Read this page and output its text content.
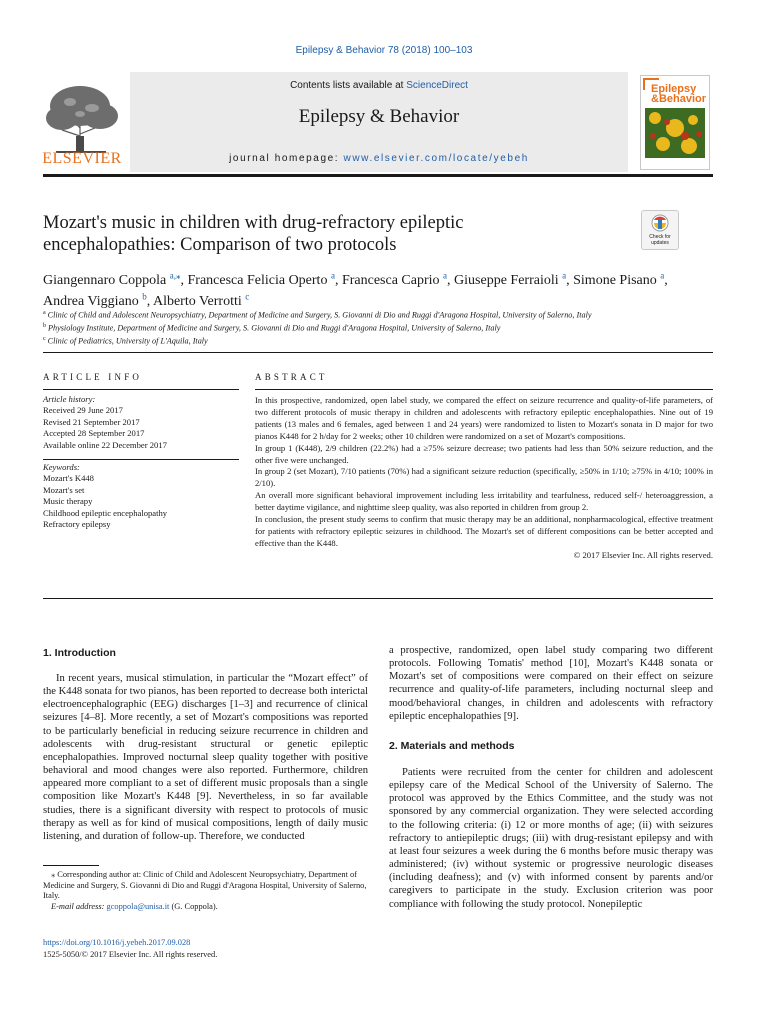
Epilepsy & Behavior 78 (2018) 100–103
ELSEVIER
Contents lists available at ScienceDirect
Epilepsy & Behavior
journal homepage: www.elsevier.com/locate/yebeh
Epilepsy
&Behavior
Mozart's music in children with drug-refractory epileptic
encephalopathies: Comparison of two protocols	Check for
updates
Giangennaro Coppola $^{a,⁎}$, Francesca Felicia Operto $^a$, Francesca Caprio $^a$, Giuseppe Ferraioli $^a$, Simone Pisano $^a$,
Andrea Viggiano $^b$, Alberto Verrotti $^c$
$^a$ Clinic of Child and Adolescent Neuropsychiatry, Department of Medicine and Surgery, S. Giovanni di Dio and Ruggi d'Aragona Hospital, University of Salerno, Italy
$^b$ Physiology Institute, Department of Medicine and Surgery, S. Giovanni di Dio and Ruggi d'Aragona Hospital, University of Salerno, Italy
$^c$ Clinic of Pediatrics, University of L'Aquila, Italy
ARTICLE INFO
Article history:
Received 29 June 2017
Revised 21 September 2017
Accepted 28 September 2017
Available online 22 December 2017
Keywords:
Mozart's K448
Mozart's set
Music therapy
Childhood epileptic encephalopathy
Refractory epilepsy
ABSTRACT

In this prospective, randomized, open label study, we compared the effect on seizure recurrence and quality-of-life parameters, of two different protocols of music therapy in children and adolescents with refractory epileptic encephalopathies. Nine out of 19 patients (13 males and 6 females, aged between 1 and 24 years) were randomized to listen to Mozart's sonata in D major for two pianos K448 for 2 h/day for 2 weeks; other 10 children were randomized on a set of Mozart's compositions.

In group 1 (K448), 2/9 children (22.2%) had a ≥75% seizure decrease; two patients had less than 50% seizure reduction, and the other five were unchanged.

In group 2 (set Mozart), 7/10 patients (70%) had a significant seizure reduction (specifically, ≥50% in 1/10; ≥75% in 4/10; 100% in 2/10).

An overall more significant behavioral improvement including less irritability and tearfulness, reduced self-/ heteroaggression, a better daytime vigilance, and nighttime sleep quality, was also reported in children from group 2.

In conclusion, the present study seems to confirm that music therapy may be an additional, nonpharmacological, effective treatment for patients with refractory epileptic seizures in childhood. The Mozart's set of different compositions can be better accepted and effective than the K448.

© 2017 Elsevier Inc. All rights reserved.

1. Introduction

In recent years, musical stimulation, in particular the “Mozart effect” of the K448 sonata for two pianos, has been reported to decrease both interictal electroencephalographic (EEG) discharges [1–3] and recurrence of clinical seizures [4–8]. More recently, a set of Mozart's compositions was reported to be particularly beneficial in reducing seizure recurrence in children and adolescents with drug-resistant structural or genetic epileptic encephalopathies. Improved nocturnal sleep quality together with positive behavioral and mood changes were also reported. Furthermore, children appeared more compliant to a set of different music proposals than a single composition like Mozart's K448 [9]. Nevertheless, in so far available studies, there is a significant diversity with respect to protocols of music therapy as well as for kind of musical compositions, length of daily music listening, and duration of follow-up. Therefore, we conducted

a prospective, randomized, open label study comparing two different protocols. Following Tomatis' method [10], Mozart's K448 sonata or Mozart's set of compositions were compared on their effect on seizure recurrence and quality-of-life parameters, including nocturnal sleep and mood/behavioral changes, in children and adolescents with refractory epileptic encephalopathies [9].

2. Materials and methods

Patients were recruited from the center for children and adolescent epilepsy care of the Medical School of the University of Salerno. The protocol was approved by the Ethics Committee, and the study was not sponsored by any commercial organization. They were selected according to the following criteria: (i) 12 or more months of age; (ii) with seizures refractory to antiepileptic drugs; (iii) with drug-resistant epilepsy and with at least four seizures a week during the 6 months before music therapy was administered; (iv) without systemic or progressive neurologic diseases (including deafness); and (v) with informed consent by parents and/or caregivers to participate in the study. Exclusion criterion was poor compliance with following the study protocol. Nonepileptic

⁎ Corresponding author at: Clinic of Child and Adolescent Neuropsychiatry, Department of Medicine and Surgery, S. Giovanni di Dio and Ruggi d'Aragona Hospital, University of Salerno, Italy.
E-mail address: gcoppola@unisa.it (G. Coppola).
https://doi.org/10.1016/j.yebeh.2017.09.028
1525-5050/© 2017 Elsevier Inc. All rights reserved.
